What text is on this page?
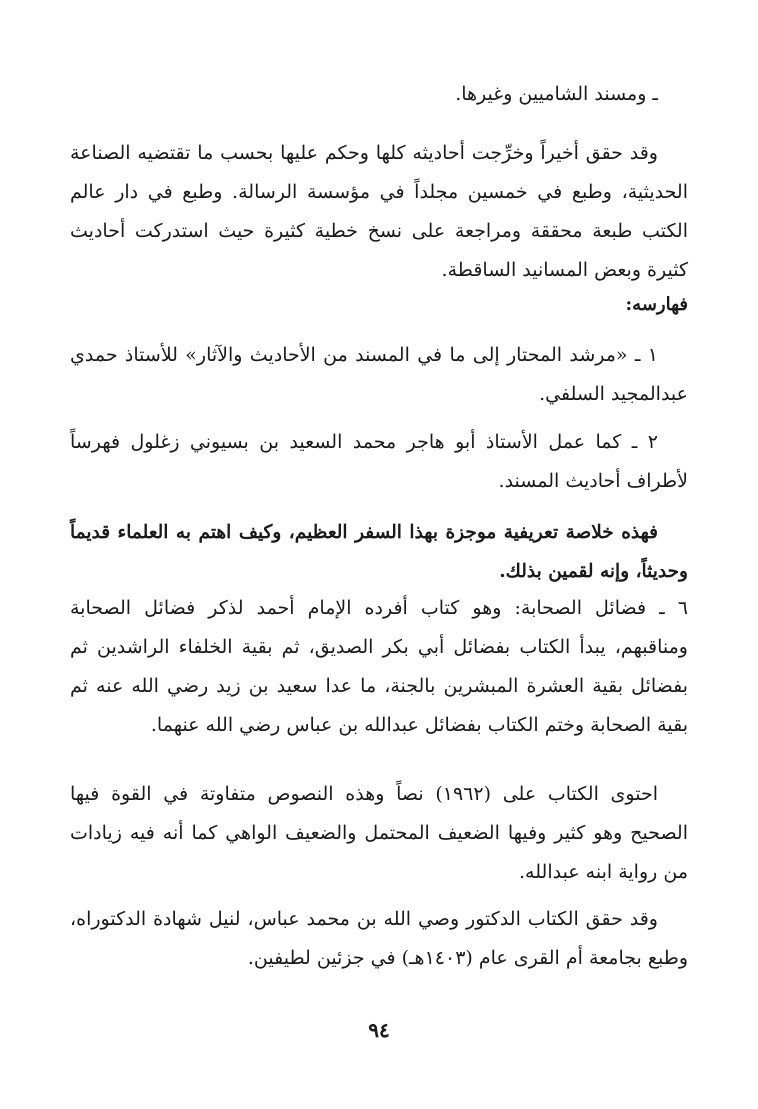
ـ ومسند الشاميين وغيرها.

وقد حقق أخيراً وخرِّجت أحاديثه كلها وحكم عليها بحسب ما تقتضيه الصناعة الحديثية، وطبع في خمسين مجلداً في مؤسسة الرسالة. وطبع في دار عالم الكتب طبعة محققة ومراجعة على نسخ خطية كثيرة حيث استدركت أحاديث كثيرة وبعض المسانيد الساقطة.

فهارسه:

١ ـ «مرشد المحتار إلى ما في المسند من الأحاديث والآثار» للأستاذ حمدي عبدالمجيد السلفي.

٢ ـ كما عمل الأستاذ أبو هاجر محمد السعيد بن بسيوني زغلول فهرساً لأطراف أحاديث المسند.

فهذه خلاصة تعريفية موجزة بهذا السفر العظيم، وكيف اهتم به العلماء قديماً وحديثاً، وإنه لقمين بذلك.

٦ ـ فضائل الصحابة: وهو كتاب أفرده الإمام أحمد لذكر فضائل الصحابة ومناقبهم، يبدأ الكتاب بفضائل أبي بكر الصديق، ثم بقية الخلفاء الراشدين ثم بفضائل بقية العشرة المبشرين بالجنة، ما عدا سعيد بن زيد رضي الله عنه ثم بقية الصحابة وختم الكتاب بفضائل عبدالله بن عباس رضي الله عنهما.

احتوى الكتاب على (١٩٦٢) نصاً وهذه النصوص متفاوتة في القوة فيها الصحيح وهو كثير وفيها الضعيف المحتمل والضعيف الواهي كما أنه فيه زيادات من رواية ابنه عبدالله.

وقد حقق الكتاب الدكتور وصي الله بن محمد عباس، لنيل شهادة الدكتوراه، وطبع بجامعة أم القرى عام (١٤٠٣هـ) في جزئين لطيفين.

٩٤
